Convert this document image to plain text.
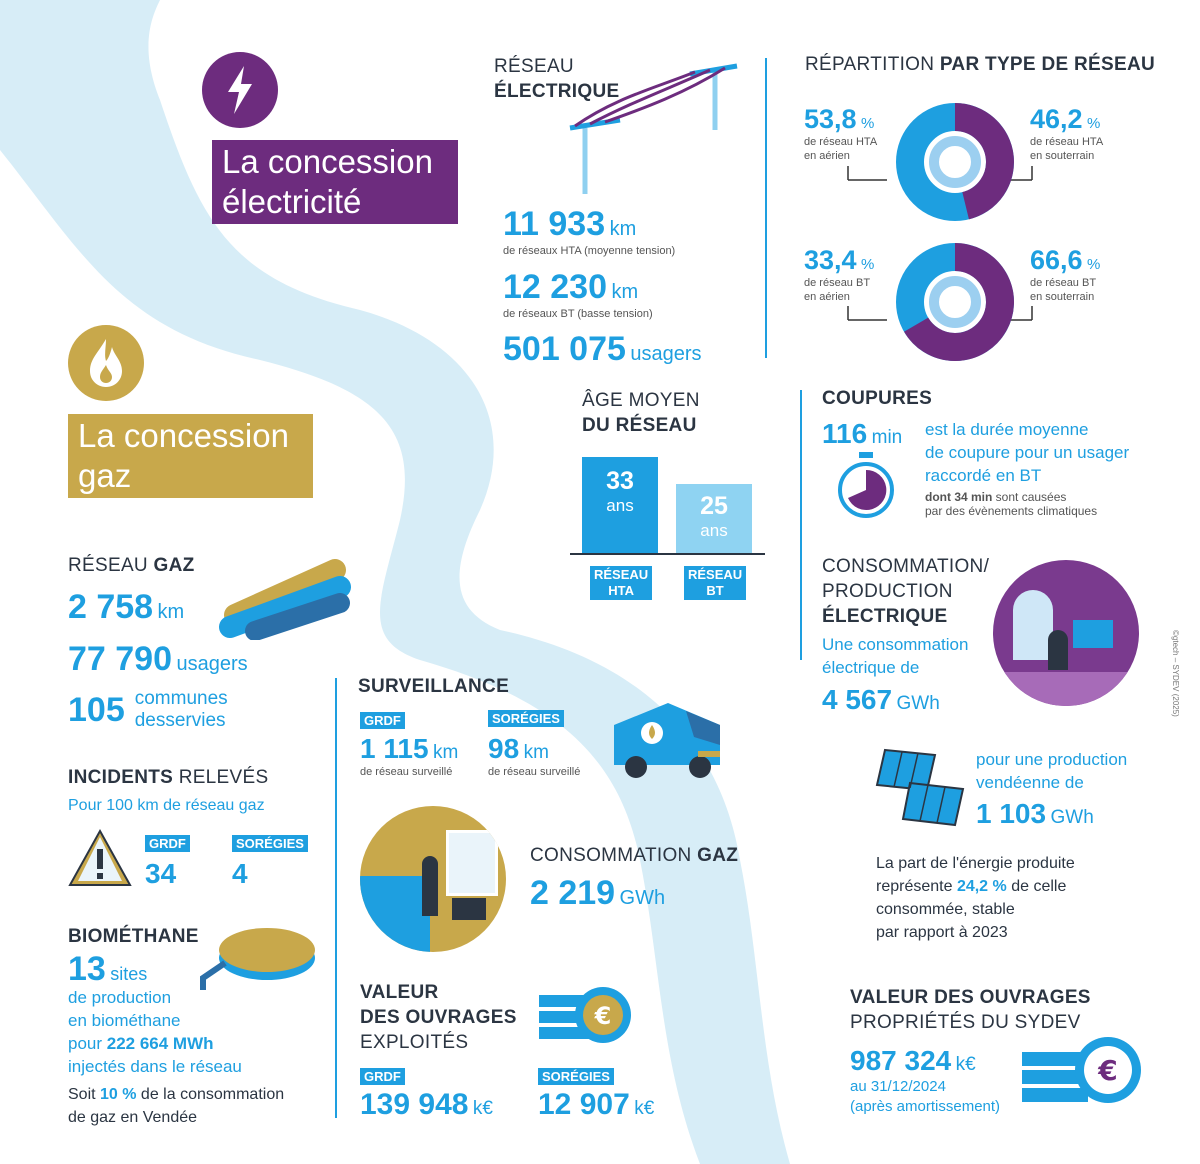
La concession
électricité
RÉSEAU
ÉLECTRIQUE
11 933 km
de réseaux HTA (moyenne tension)
12 230 km
de réseaux BT (basse tension)
501 075 usagers
RÉPARTITION PAR TYPE DE RÉSEAU
53,8 %
de réseau HTA
en aérien
46,2 %
de réseau HTA
en souterrain
33,4 %
de réseau BT
en aérien
66,6 %
de réseau BT
en souterrain
ÂGE MOYEN
DU RÉSEAU
33
ans	25
ans
RÉSEAU
HTA
RÉSEAU
BT
COUPURES
116 min est la durée moyenne
de coupure pour un usager
raccordé en BT
dont 34 min sont causées
par des évènements climatiques
CONSOMMATION/
PRODUCTION
ÉLECTRIQUE
Une consommation
électrique de
4 567 GWh
pour une production
vendéenne de
1 103 GWh
La part de l'énergie produite
représente 24,2 % de celle
consommée, stable
par rapport à 2023
VALEUR DES OUVRAGES
PROPRIÉTÉS DU SYDEV
987 324 k€
au 31/12/2024
(après amortissement)
€
©gtech – SYDEV (2025)
La concession
gaz
RÉSEAU GAZ
2 758 km
77 790 usagers
105 communes
desservies
INCIDENTS RELEVÉS
Pour 100 km de réseau gaz
GRDF	SORÉGIES
34 4
BIOMÉTHANE
13 sites
de production
en biométhane
pour 222 664 MWh
injectés dans le réseau
Soit 10 % de la consommation
de gaz en Vendée
SURVEILLANCE
GRDF	SORÉGIES
1 115 km
de réseau surveillé
98 km
de réseau surveillé
CONSOMMATION GAZ
2 219 GWh
VALEUR
DES OUVRAGES
EXPLOITÉS
€
GRDF	SORÉGIES
139 948 k€ 12 907 k€
